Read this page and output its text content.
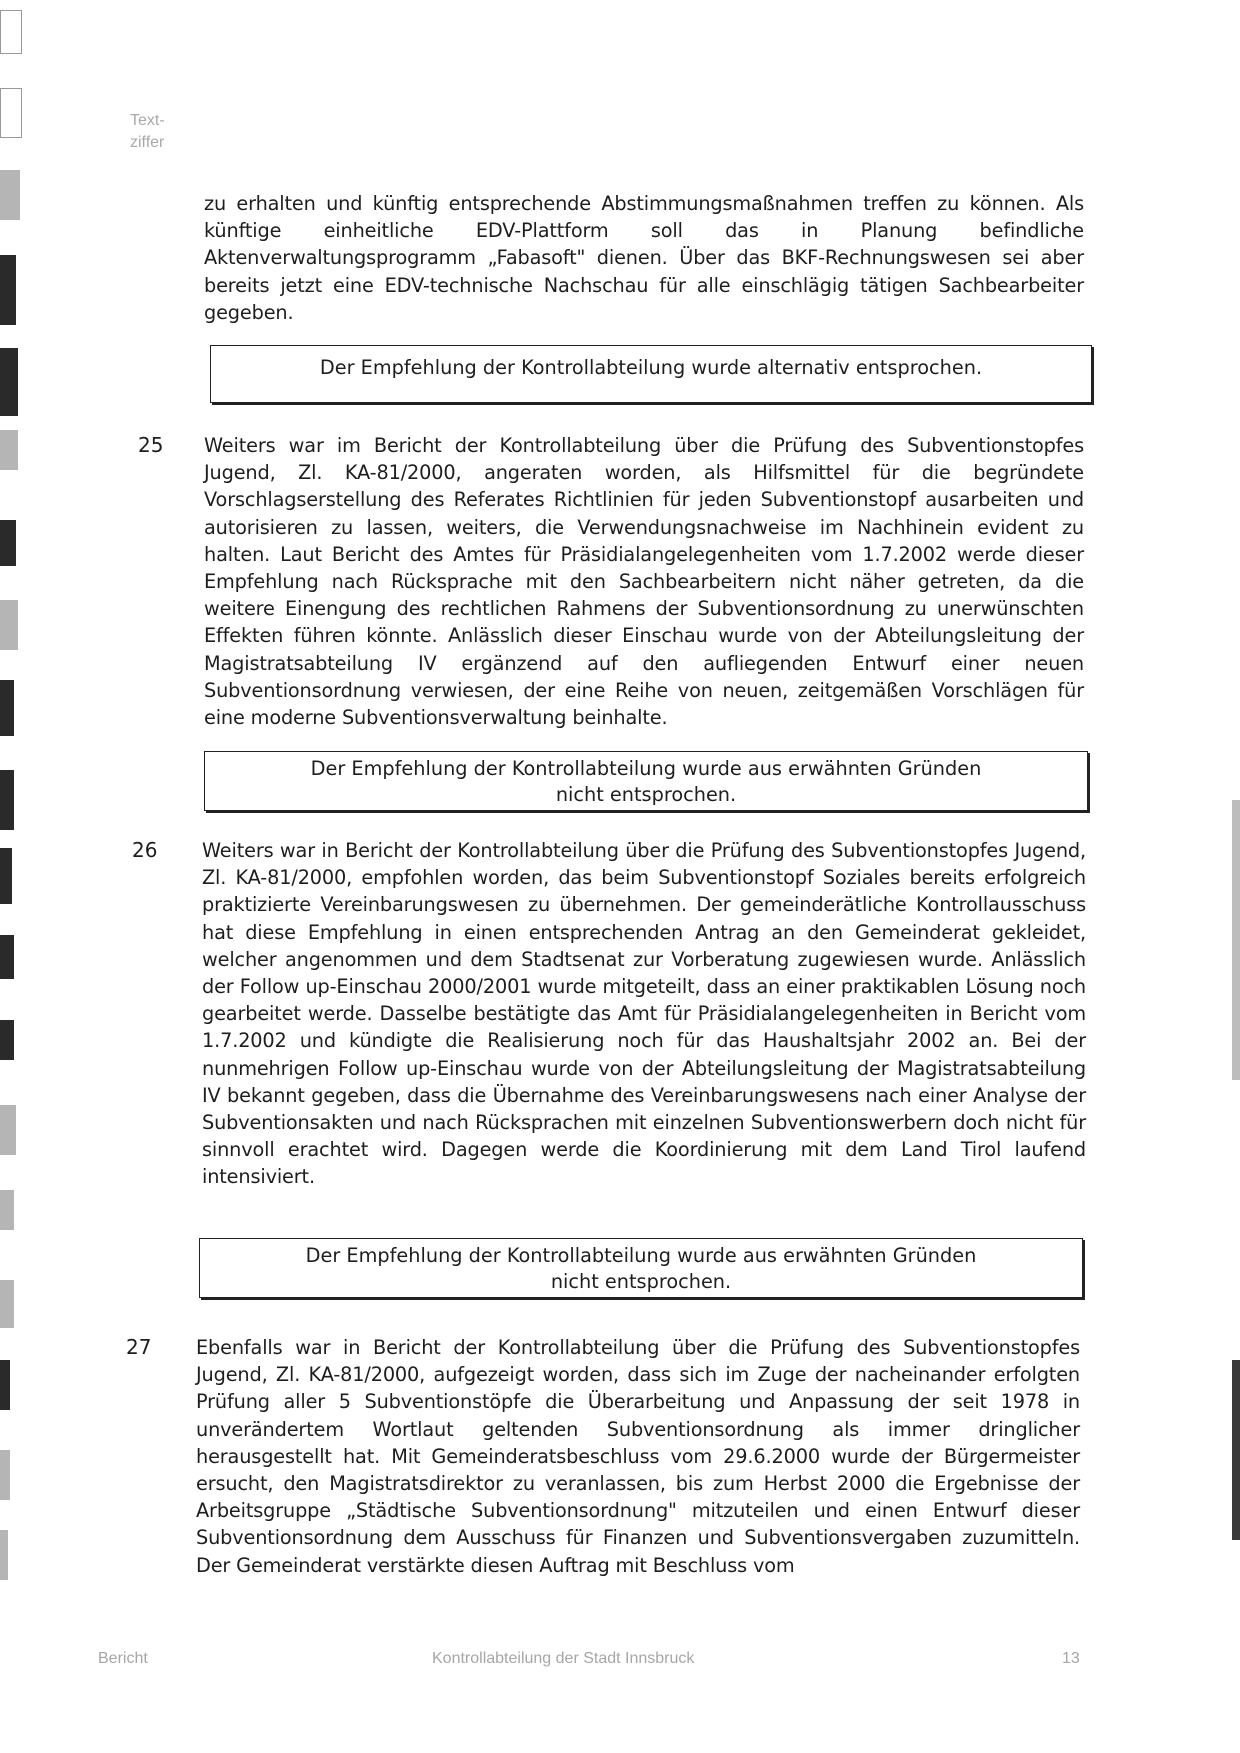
Text-
ziffer

zu erhalten und künftig entsprechende Abstimmungsmaßnahmen treffen zu können. Als künftige einheitliche EDV-Plattform soll das in Planung befindliche Aktenverwaltungsprogramm „Fabasoft" dienen. Über das BKF-Rechnungswesen sei aber bereits jetzt eine EDV-technische Nachschau für alle einschlägig tätigen Sachbearbeiter gegeben.

Der Empfehlung der Kontrollabteilung wurde alternativ entsprochen.
25 Weiters war im Bericht der Kontrollabteilung über die Prüfung des Subventionstopfes Jugend, Zl. KA-81/2000, angeraten worden, als Hilfsmittel für die begründete Vorschlagserstellung des Referates Richtlinien für jeden Subventionstopf ausarbeiten und autorisieren zu lassen, weiters, die Verwendungsnachweise im Nachhinein evident zu halten. Laut Bericht des Amtes für Präsidialangelegenheiten vom 1.7.2002 werde dieser Empfehlung nach Rücksprache mit den Sachbearbeitern nicht näher getreten, da die weitere Einengung des rechtlichen Rahmens der Subventionsordnung zu unerwünschten Effekten führen könnte. Anlässlich dieser Einschau wurde von der Abteilungsleitung der Magistratsabteilung IV ergänzend auf den aufliegenden Entwurf einer neuen Subventionsordnung verwiesen, der eine Reihe von neuen, zeitgemäßen Vorschlägen für eine moderne Subventionsverwaltung beinhalte.

Der Empfehlung der Kontrollabteilung wurde aus erwähnten Gründen
nicht entsprochen.
26 Weiters war in Bericht der Kontrollabteilung über die Prüfung des Subventionstopfes Jugend, Zl. KA-81/2000, empfohlen worden, das beim Subventionstopf Soziales bereits erfolgreich praktizierte Vereinbarungswesen zu übernehmen. Der gemeinderätliche Kontrollausschuss hat diese Empfehlung in einen entsprechenden Antrag an den Gemeinderat gekleidet, welcher angenommen und dem Stadtsenat zur Vorberatung zugewiesen wurde. Anlässlich der Follow up-Einschau 2000/2001 wurde mitgeteilt, dass an einer praktikablen Lösung noch gearbeitet werde. Dasselbe bestätigte das Amt für Präsidialangelegenheiten in Bericht vom 1.7.2002 und kündigte die Realisierung noch für das Haushaltsjahr 2002 an. Bei der nunmehrigen Follow up-Einschau wurde von der Abteilungsleitung der Magistratsabteilung IV bekannt gegeben, dass die Übernahme des Vereinbarungswesens nach einer Analyse der Subventionsakten und nach Rücksprachen mit einzelnen Subventionswerbern doch nicht für sinnvoll erachtet wird. Dagegen werde die Koordinierung mit dem Land Tirol laufend intensiviert.

Der Empfehlung der Kontrollabteilung wurde aus erwähnten Gründen
nicht entsprochen.
27 Ebenfalls war in Bericht der Kontrollabteilung über die Prüfung des Subventionstopfes Jugend, Zl. KA-81/2000, aufgezeigt worden, dass sich im Zuge der nacheinander erfolgten Prüfung aller 5 Subventionstöpfe die Überarbeitung und Anpassung der seit 1978 in unverändertem Wortlaut geltenden Subventionsordnung als immer dringlicher herausgestellt hat. Mit Gemeinderatsbeschluss vom 29.6.2000 wurde der Bürgermeister ersucht, den Magistratsdirektor zu veranlassen, bis zum Herbst 2000 die Ergebnisse der Arbeitsgruppe „Städtische Subventionsordnung" mitzuteilen und einen Entwurf dieser Subventionsordnung dem Ausschuss für Finanzen und Subventionsvergaben zuzumitteln. Der Gemeinderat verstärkte diesen Auftrag mit Beschluss vom

Bericht	Kontrollabteilung der Stadt Innsbruck	13
